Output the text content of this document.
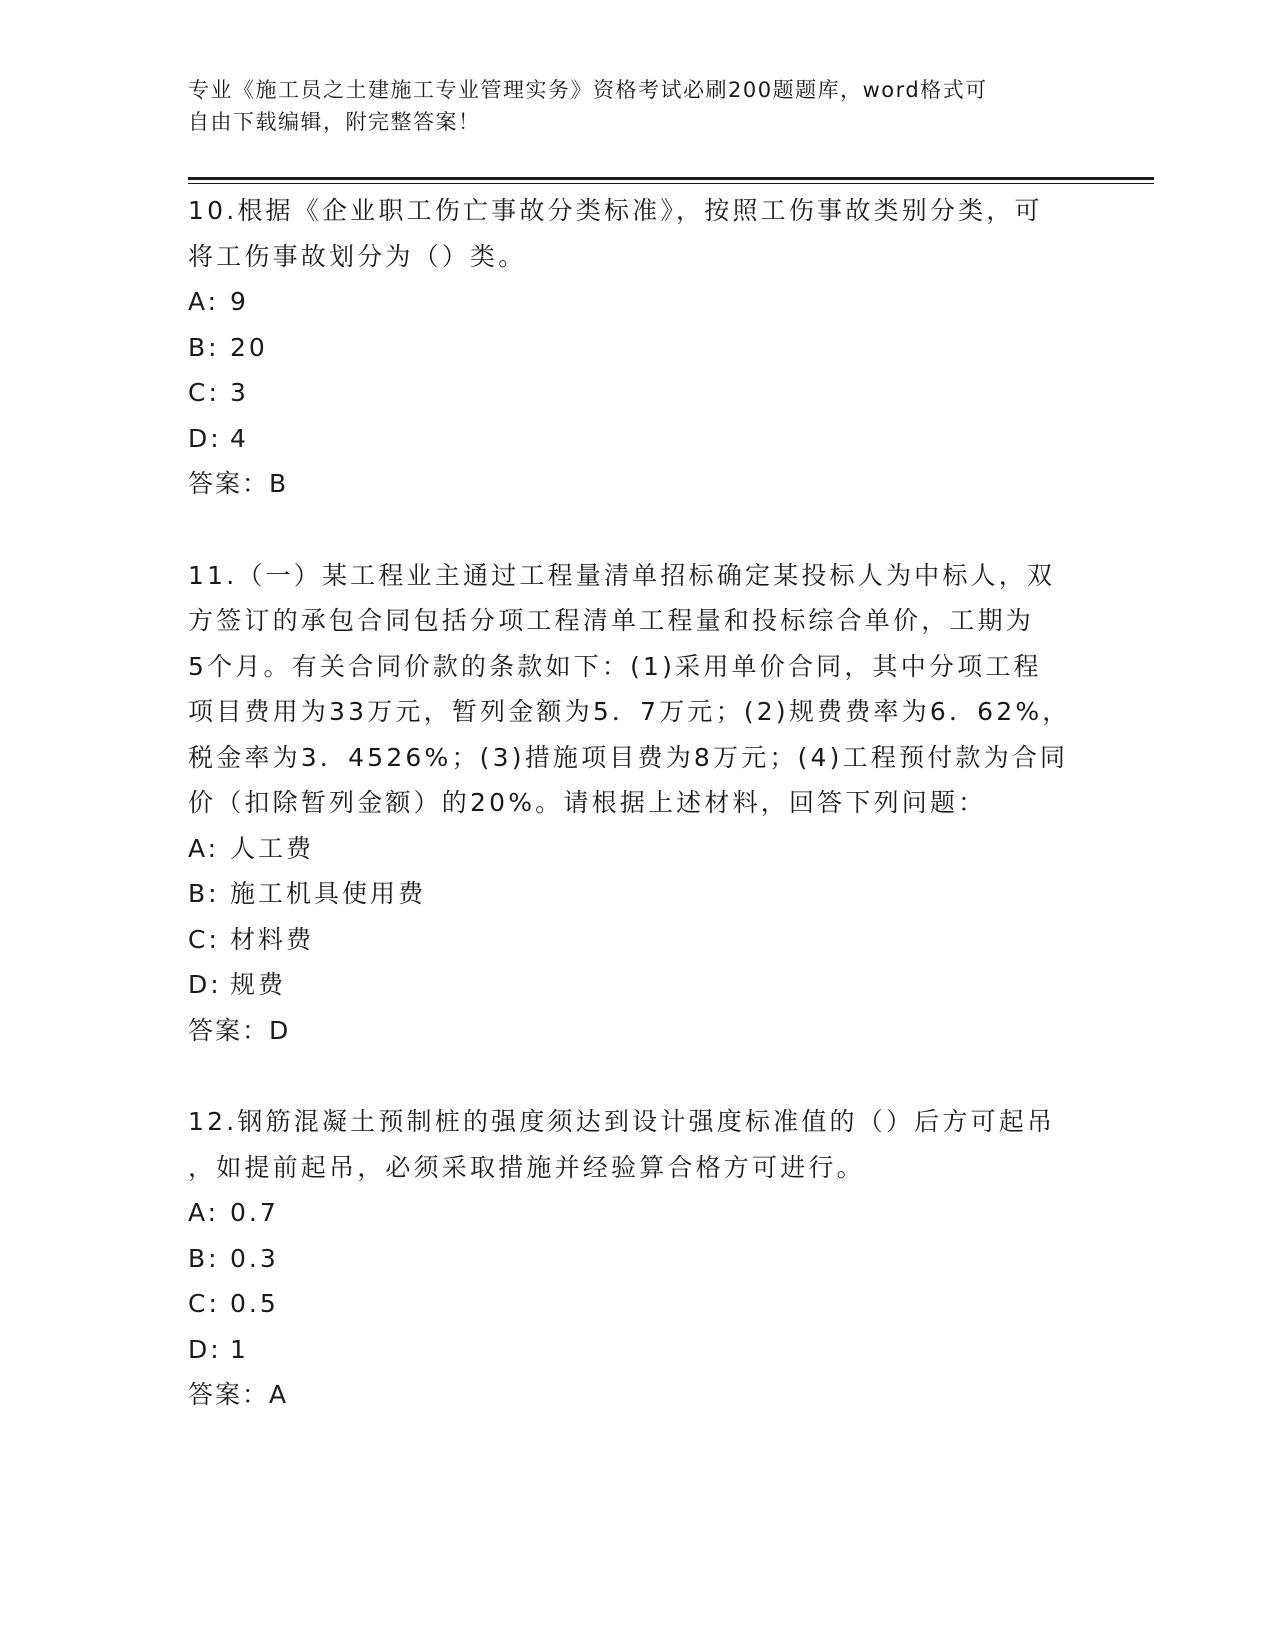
专业《施工员之土建施工专业管理实务》资格考试必刷200题题库，word格式可
自由下载编辑，附完整答案！
10.根据《企业职工伤亡事故分类标准》，按照工伤事故类别分类，可
将工伤事故划分为（）类。
A: 9
B: 20
C: 3
D: 4
答案：B
11.（一）某工程业主通过工程量清单招标确定某投标人为中标人，双
方签订的承包合同包括分项工程清单工程量和投标综合单价，工期为
5个月。有关合同价款的条款如下：(1)采用单价合同，其中分项工程
项目费用为33万元，暂列金额为5．7万元；(2)规费费率为6．62%，
税金率为3．4526%；(3)措施项目费为8万元；(4)工程预付款为合同
价（扣除暂列金额）的20%。请根据上述材料，回答下列问题：
A: 人工费
B: 施工机具使用费
C: 材料费
D: 规费
答案：D
12.钢筋混凝土预制桩的强度须达到设计强度标准值的（）后方可起吊
，如提前起吊，必须采取措施并经验算合格方可进行。
A: 0.7
B: 0.3
C: 0.5
D: 1
答案：A
